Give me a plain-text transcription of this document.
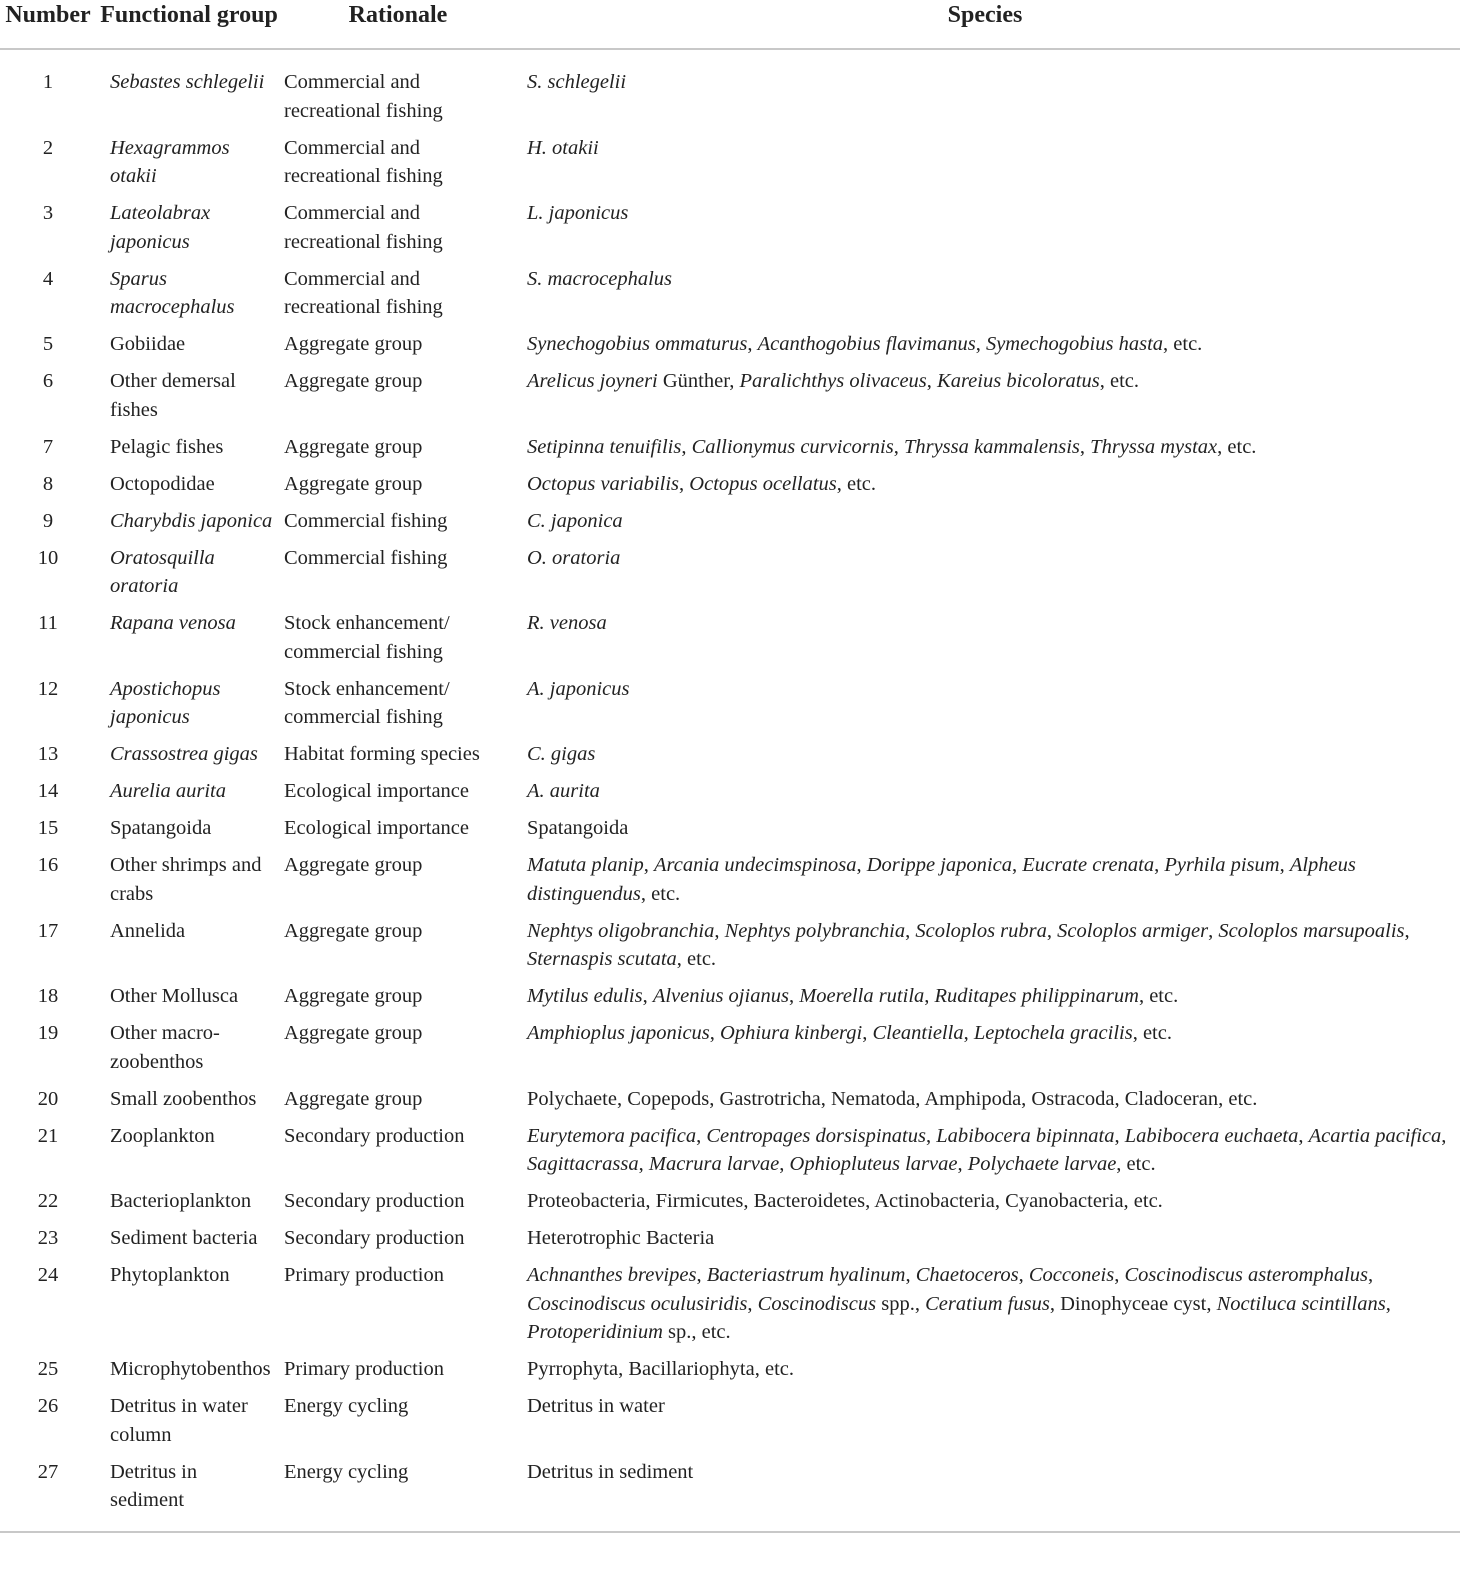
Number	Functional group	Rationale	Species
1	Sebastes schlegelii	Commercial and recreational fishing	S. schlegelii
2	Hexagrammos otakii	Commercial and recreational fishing	H. otakii
3	Lateolabrax japonicus	Commercial and recreational fishing	L. japonicus
4	Sparus macrocephalus	Commercial and recreational fishing	S. macrocephalus
5	Gobiidae	Aggregate group	Synechogobius ommaturus, Acanthogobius flavimanus, Symechogobius hasta, etc.
6	Other demersal fishes	Aggregate group	Arelicus joyneri Günther, Paralichthys olivaceus, Kareius bicoloratus, etc.
7	Pelagic fishes	Aggregate group	Setipinna tenuifilis, Callionymus curvicornis, Thryssa kammalensis, Thryssa mystax, etc.
8	Octopodidae	Aggregate group	Octopus variabilis, Octopus ocellatus, etc.
9	Charybdis japonica	Commercial fishing	C. japonica
10	Oratosquilla oratoria	Commercial fishing	O. oratoria
11	Rapana venosa	Stock enhancement/ commercial fishing	R. venosa
12	Apostichopus japonicus	Stock enhancement/ commercial fishing	A. japonicus
13	Crassostrea gigas	Habitat forming species	C. gigas
14	Aurelia aurita	Ecological importance	A. aurita
15	Spatangoida	Ecological importance	Spatangoida
16	Other shrimps and crabs	Aggregate group	Matuta planip, Arcania undecimspinosa, Dorippe japonica, Eucrate crenata, Pyrhila pisum, Alpheus distinguendus, etc.
17	Annelida	Aggregate group	Nephtys oligobranchia, Nephtys polybranchia, Scoloplos rubra, Scoloplos armiger, Scoloplos marsupoalis, Sternaspis scutata, etc.
18	Other Mollusca	Aggregate group	Mytilus edulis, Alvenius ojianus, Moerella rutila, Ruditapes philippinarum, etc.
19	Other macro-zoobenthos	Aggregate group	Amphioplus japonicus, Ophiura kinbergi, Cleantiella, Leptochela gracilis, etc.
20	Small zoobenthos	Aggregate group	Polychaete, Copepods, Gastrotricha, Nematoda, Amphipoda, Ostracoda, Cladoceran, etc.
21	Zooplankton	Secondary production	Eurytemora pacifica, Centropages dorsispinatus, Labibocera bipinnata, Labibocera euchaeta, Acartia pacifica, Sagittacrassa, Macrura larvae, Ophiopluteus larvae, Polychaete larvae, etc.
22	Bacterioplankton	Secondary production	Proteobacteria, Firmicutes, Bacteroidetes, Actinobacteria, Cyanobacteria, etc.
23	Sediment bacteria	Secondary production	Heterotrophic Bacteria
24	Phytoplankton	Primary production	Achnanthes brevipes, Bacteriastrum hyalinum, Chaetoceros, Cocconeis, Coscinodiscus asteromphalus, Coscinodiscus oculusiridis, Coscinodiscus spp., Ceratium fusus, Dinophyceae cyst, Noctiluca scintillans, Protoperidinium sp., etc.
25	Microphytobenthos	Primary production	Pyrrophyta, Bacillariophyta, etc.
26	Detritus in water column	Energy cycling	Detritus in water
27	Detritus in sediment	Energy cycling	Detritus in sediment
